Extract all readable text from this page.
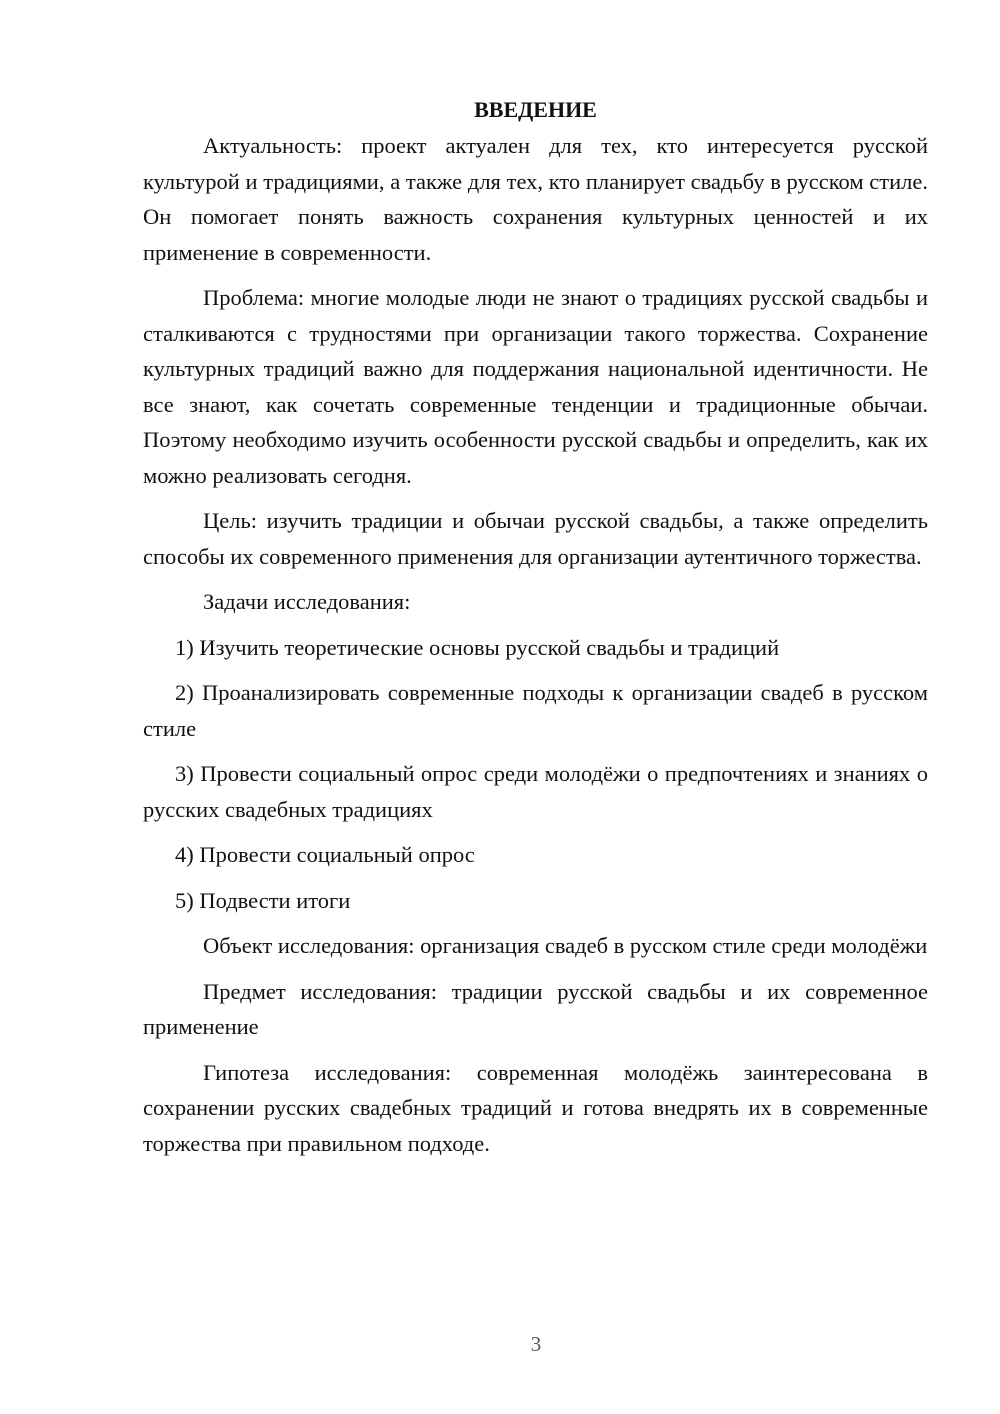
ВВЕДЕНИЕ

Актуальность: проект актуален для тех, кто интересуется русской культурой и традициями, а также для тех, кто планирует свадьбу в русском стиле. Он помогает понять важность сохранения культурных ценностей и их применение в современности.

Проблема: многие молодые люди не знают о традициях русской свадьбы и сталкиваются с трудностями при организации такого торжества. Сохранение культурных традиций важно для поддержания национальной идентичности. Не все знают, как сочетать современные тенденции и традиционные обычаи. Поэтому необходимо изучить особенности русской свадьбы и определить, как их можно реализовать сегодня.

Цель: изучить традиции и обычаи русской свадьбы, а также определить способы их современного применения для организации аутентичного торжества.

Задачи исследования:

1) Изучить теоретические основы русской свадьбы и традиций

2) Проанализировать современные подходы к организации свадеб в русском стиле

3) Провести социальный опрос среди молодёжи о предпочтениях и знаниях о русских свадебных традициях

4) Провести социальный опрос

5) Подвести итоги

Объект исследования: организация свадеб в русском стиле среди молодёжи

Предмет исследования: традиции русской свадьбы и их современное применение

Гипотеза исследования: современная молодёжь заинтересована в сохранении русских свадебных традиций и готова внедрять их в современные торжества при правильном подходе.

3
